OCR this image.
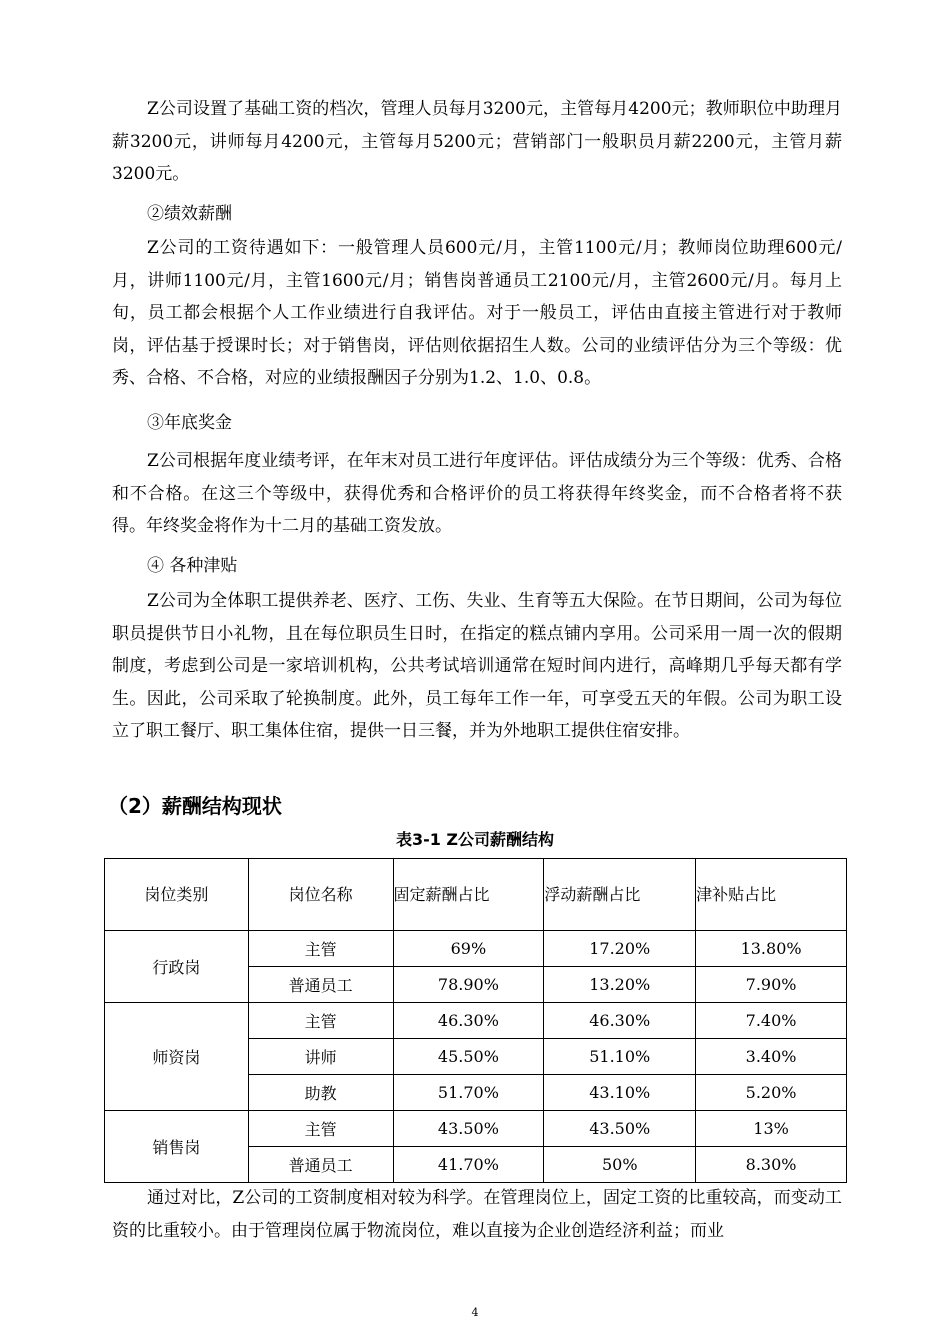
Z公司设置了基础工资的档次，管理人员每月3200元，主管每月4200元；教师职位中助理月薪3200元，讲师每月4200元，主管每月5200元；营销部门一般职员月薪2200元，主管月薪3200元。

②绩效薪酬

Z公司的工资待遇如下：一般管理人员600元/月，主管1100元/月；教师岗位助理600元/月，讲师1100元/月，主管1600元/月；销售岗普通员工2100元/月，主管2600元/月。每月上旬，员工都会根据个人工作业绩进行自我评估。对于一般员工，评估由直接主管进行对于教师岗，评估基于授课时长；对于销售岗，评估则依据招生人数。公司的业绩评估分为三个等级：优秀、合格、不合格，对应的业绩报酬因子分别为1.2、1.0、0.8。

③年底奖金

Z公司根据年度业绩考评，在年末对员工进行年度评估。评估成绩分为三个等级：优秀、合格和不合格。在这三个等级中，获得优秀和合格评价的员工将获得年终奖金，而不合格者将不获得。年终奖金将作为十二月的基础工资发放。

④ 各种津贴

Z公司为全体职工提供养老、医疗、工伤、失业、生育等五大保险。在节日期间，公司为每位职员提供节日小礼物，且在每位职员生日时，在指定的糕点铺内享用。公司采用一周一次的假期制度，考虑到公司是一家培训机构，公共考试培训通常在短时间内进行，高峰期几乎每天都有学生。因此，公司采取了轮换制度。此外，员工每年工作一年，可享受五天的年假。公司为职工设立了职工餐厅、职工集体住宿，提供一日三餐，并为外地职工提供住宿安排。

（2）薪酬结构现状

表3-1 Z公司薪酬结构

岗位类别	岗位名称	固定薪酬占比	浮动薪酬占比	津补贴占比
行政岗	主管	69%	17.20%	13.80%
	普通员工	78.90%	13.20%	7.90%
师资岗	主管	46.30%	46.30%	7.40%
	讲师	45.50%	51.10%	3.40%
	助教	51.70%	43.10%	5.20%
销售岗	主管	43.50%	43.50%	13%
	普通员工	41.70%	50%	8.30%

通过对比，Z公司的工资制度相对较为科学。在管理岗位上，固定工资的比重较高，而变动工资的比重较小。由于管理岗位属于物流岗位，难以直接为企业创造经济利益；而业

4
